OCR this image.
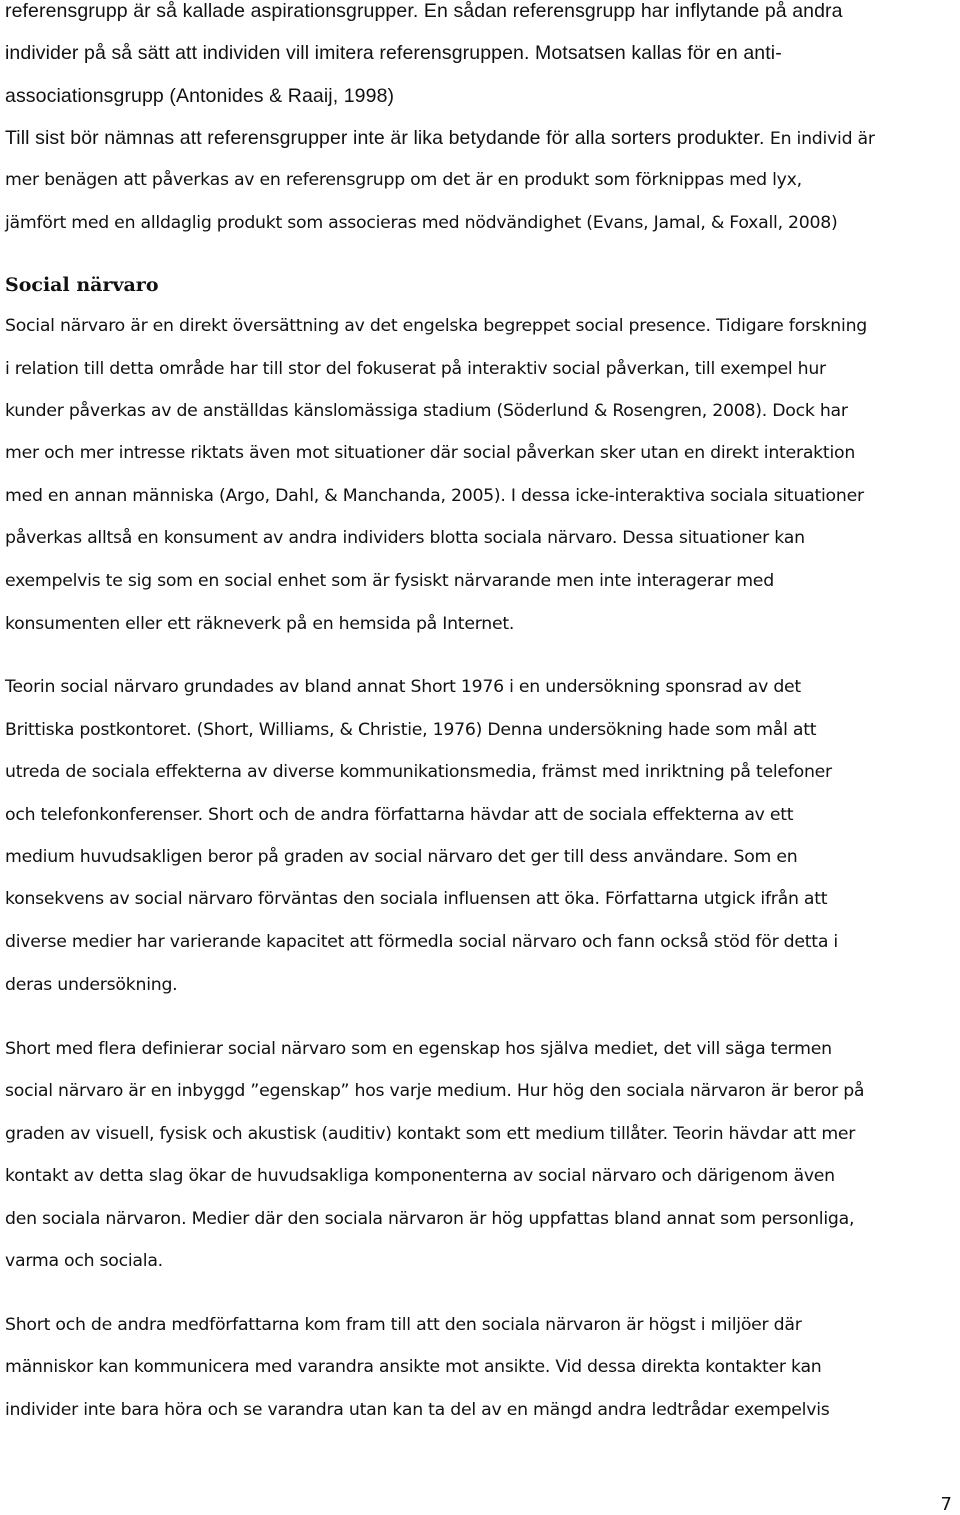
referensgrupp är så kallade aspirationsgrupper. En sådan referensgrupp har inflytande på andra
individer på så sätt att individen vill imitera referensgruppen. Motsatsen kallas för en anti-
associationsgrupp (Antonides & Raaij, 1998)
Till sist bör nämnas att referensgrupper inte är lika betydande för alla sorters produkter. En individ är
mer benägen att påverkas av en referensgrupp om det är en produkt som förknippas med lyx,
jämfört med en alldaglig produkt som associeras med nödvändighet (Evans, Jamal, & Foxall, 2008)
Social närvaro
Social närvaro är en direkt översättning av det engelska begreppet social presence. Tidigare forskning
i relation till detta område har till stor del fokuserat på interaktiv social påverkan, till exempel hur
kunder påverkas av de anställdas känslomässiga stadium (Söderlund & Rosengren, 2008). Dock har
mer och mer intresse riktats även mot situationer där social påverkan sker utan en direkt interaktion
med en annan människa (Argo, Dahl, & Manchanda, 2005). I dessa icke-interaktiva sociala situationer
påverkas alltså en konsument av andra individers blotta sociala närvaro. Dessa situationer kan
exempelvis te sig som en social enhet som är fysiskt närvarande men inte interagerar med
konsumenten eller ett räkneverk på en hemsida på Internet.
Teorin social närvaro grundades av bland annat Short 1976 i en undersökning sponsrad av det
Brittiska postkontoret. (Short, Williams, & Christie, 1976) Denna undersökning hade som mål att
utreda de sociala effekterna av diverse kommunikationsmedia, främst med inriktning på telefoner
och telefonkonferenser. Short och de andra författarna hävdar att de sociala effekterna av ett
medium huvudsakligen beror på graden av social närvaro det ger till dess användare. Som en
konsekvens av social närvaro förväntas den sociala influensen att öka. Författarna utgick ifrån att
diverse medier har varierande kapacitet att förmedla social närvaro och fann också stöd för detta i
deras undersökning.
Short med flera definierar social närvaro som en egenskap hos själva mediet, det vill säga termen
social närvaro är en inbyggd ”egenskap” hos varje medium. Hur hög den sociala närvaron är beror på
graden av visuell, fysisk och akustisk (auditiv) kontakt som ett medium tillåter. Teorin hävdar att mer
kontakt av detta slag ökar de huvudsakliga komponenterna av social närvaro och därigenom även
den sociala närvaron. Medier där den sociala närvaron är hög uppfattas bland annat som personliga,
varma och sociala.
Short och de andra medförfattarna kom fram till att den sociala närvaron är högst i miljöer där
människor kan kommunicera med varandra ansikte mot ansikte. Vid dessa direkta kontakter kan
individer inte bara höra och se varandra utan kan ta del av en mängd andra ledtrådar exempelvis
7
